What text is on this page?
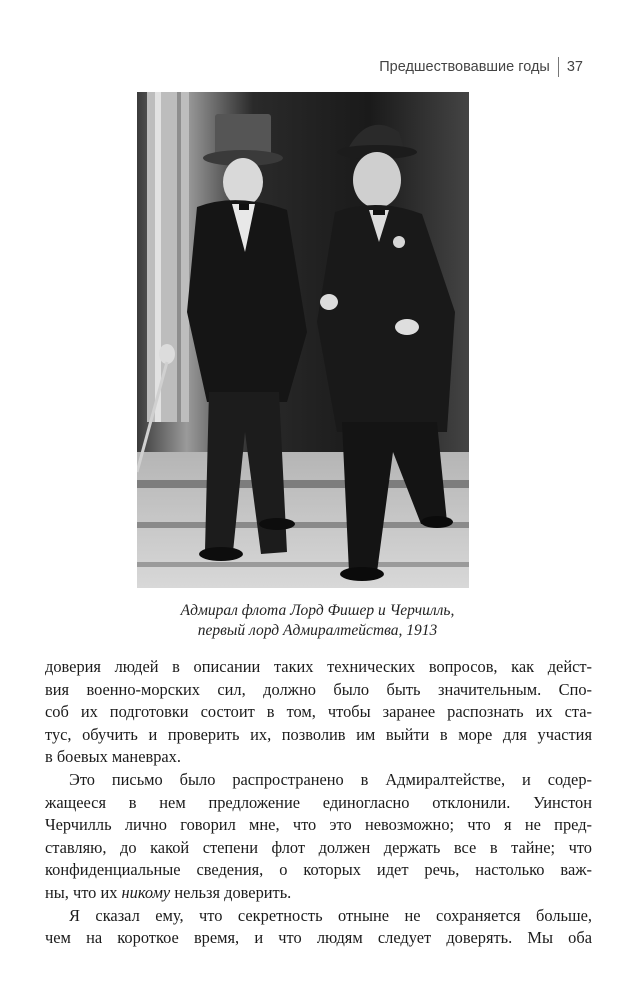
Предшествовавшие годы 37
Адмирал флота Лорд Фишер и Черчилль,
первый лорд Адмиралтейства, 1913
доверия людей в описании таких технических вопросов, как дейст-
вия военно-морских сил, должно было быть значительным. Спо-
соб их подготовки состоит в том, чтобы заранее распознать их ста-
тус, обучить и проверить их, позволив им выйти в море для участия
в боевых маневрах.
Это письмо было распространено в Адмиралтействе, и содер-
жащееся в нем предложение единогласно отклонили. Уинстон
Черчилль лично говорил мне, что это невозможно; что я не пред-
ставляю, до какой степени флот должен держать все в тайне; что
конфиденциальные сведения, о которых идет речь, настолько важ-
ны, что их никому нельзя доверить.
Я сказал ему, что секретность отныне не сохраняется больше,
чем на короткое время, и что людям следует доверять. Мы оба
